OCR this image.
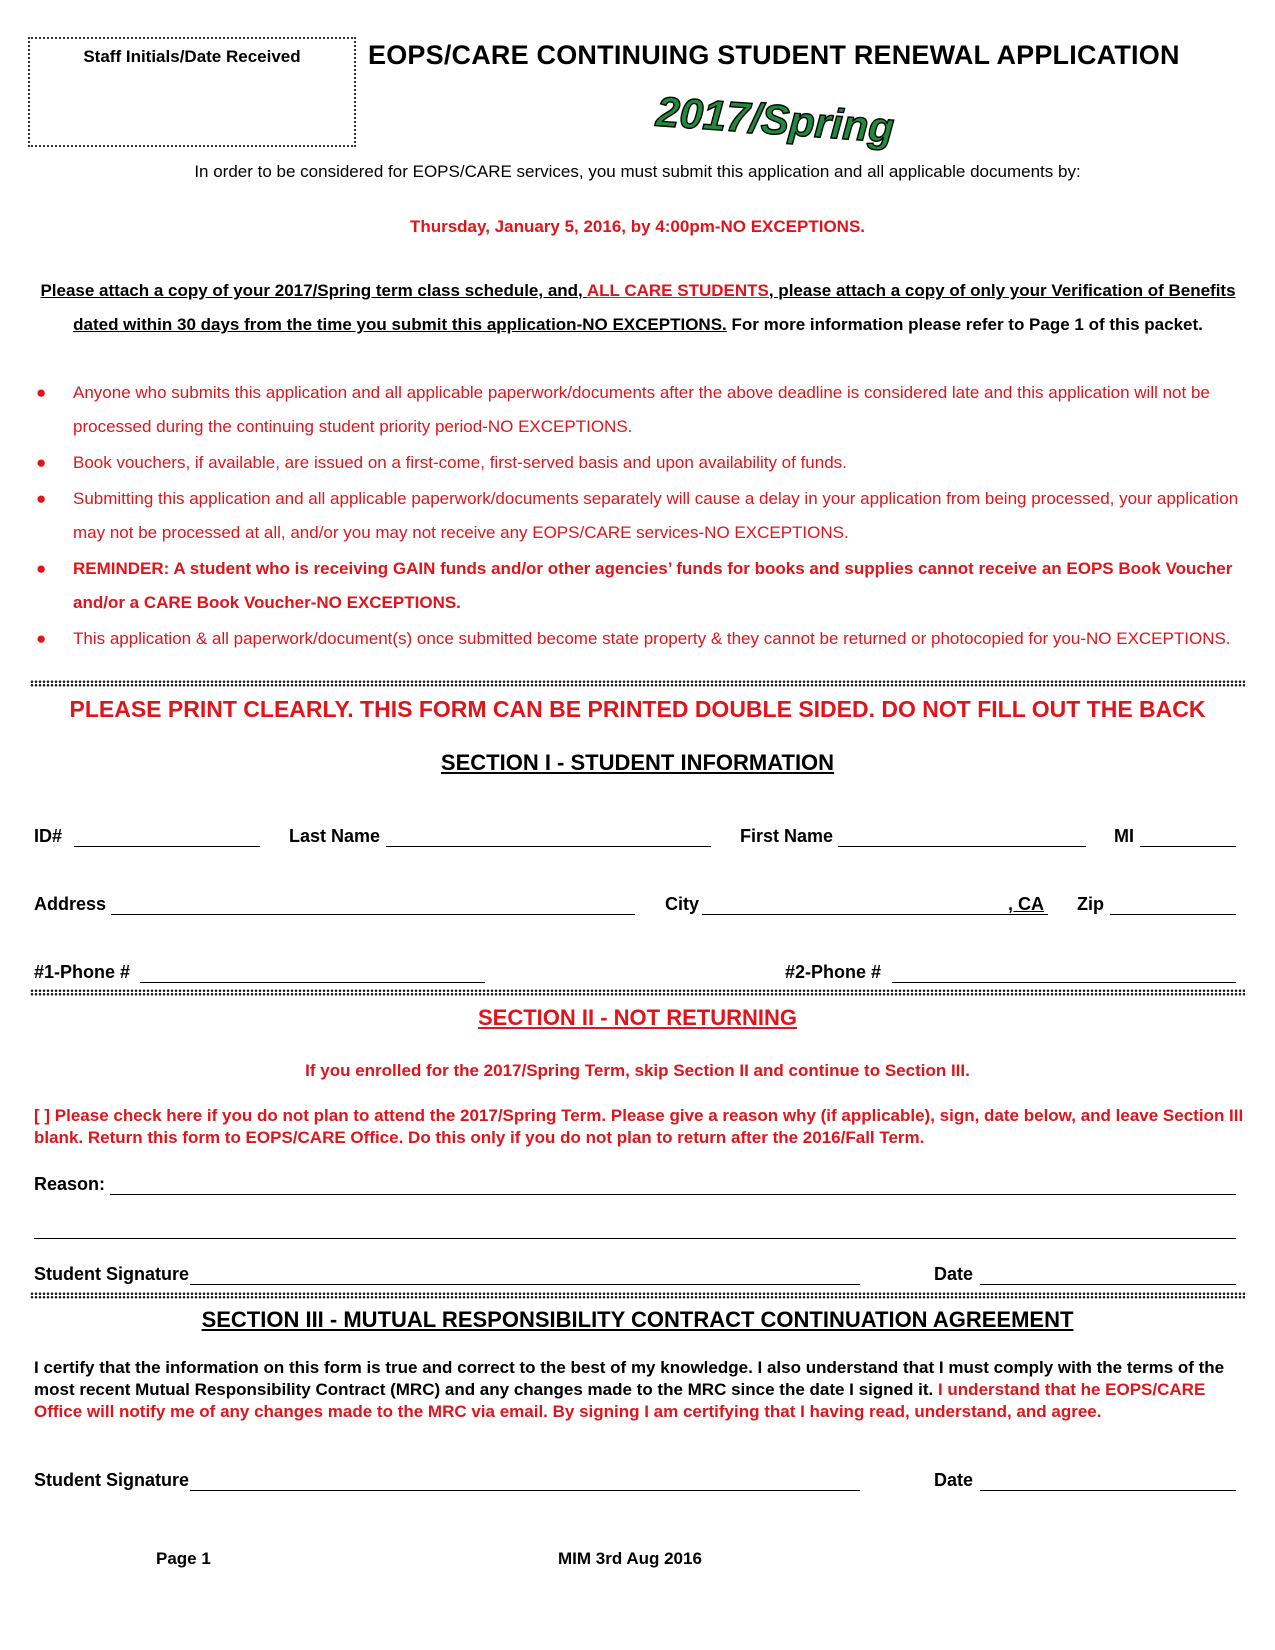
Staff Initials/Date Received	EOPS/CARE CONTINUING STUDENT RENEWAL APPLICATION
2017/Spring
In order to be considered for EOPS/CARE services, you must submit this application and all applicable documents by:
Thursday, January 5, 2016, by 4:00pm-NO EXCEPTIONS.
Please attach a copy of your 2017/Spring term class schedule, and, ALL CARE STUDENTS, please attach a copy of only your Verification of Benefits dated within 30 days from the time you submit this application-NO EXCEPTIONS. For more information please refer to Page 1 of this packet.
● Anyone who submits this application and all applicable paperwork/documents after the above deadline is considered late and this application will not be processed during the continuing student priority period-NO EXCEPTIONS.
● Book vouchers, if available, are issued on a first-come, first-served basis and upon availability of funds.
● Submitting this application and all applicable paperwork/documents separately will cause a delay in your application from being processed, your application may not be processed at all, and/or you may not receive any EOPS/CARE services-NO EXCEPTIONS.
● REMINDER: A student who is receiving GAIN funds and/or other agencies’ funds for books and supplies cannot receive an EOPS Book Voucher and/or a CARE Book Voucher-NO EXCEPTIONS.
● This application & all paperwork/document(s) once submitted become state property & they cannot be returned or photocopied for you-NO EXCEPTIONS.
PLEASE PRINT CLEARLY. THIS FORM CAN BE PRINTED DOUBLE SIDED. DO NOT FILL OUT THE BACK
SECTION I - STUDENT INFORMATION
ID#	Last Name	First Name	MI
Address	City	, CA Zip
#1-Phone #	#2-Phone #
SECTION II - NOT RETURNING
If you enrolled for the 2017/Spring Term, skip Section II and continue to Section III.
[ ] Please check here if you do not plan to attend the 2017/Spring Term. Please give a reason why (if applicable), sign, date below, and leave Section III blank. Return this form to EOPS/CARE Office. Do this only if you do not plan to return after the 2016/Fall Term.
Reason:
Student Signature	Date
SECTION III - MUTUAL RESPONSIBILITY CONTRACT CONTINUATION AGREEMENT
I certify that the information on this form is true and correct to the best of my knowledge. I also understand that I must comply with the terms of the most recent Mutual Responsibility Contract (MRC) and any changes made to the MRC since the date I signed it. I understand that he EOPS/CARE Office will notify me of any changes made to the MRC via email. By signing I am certifying that I having read, understand, and agree.
Student Signature	Date
Page 1	MIM 3rd Aug 2016
